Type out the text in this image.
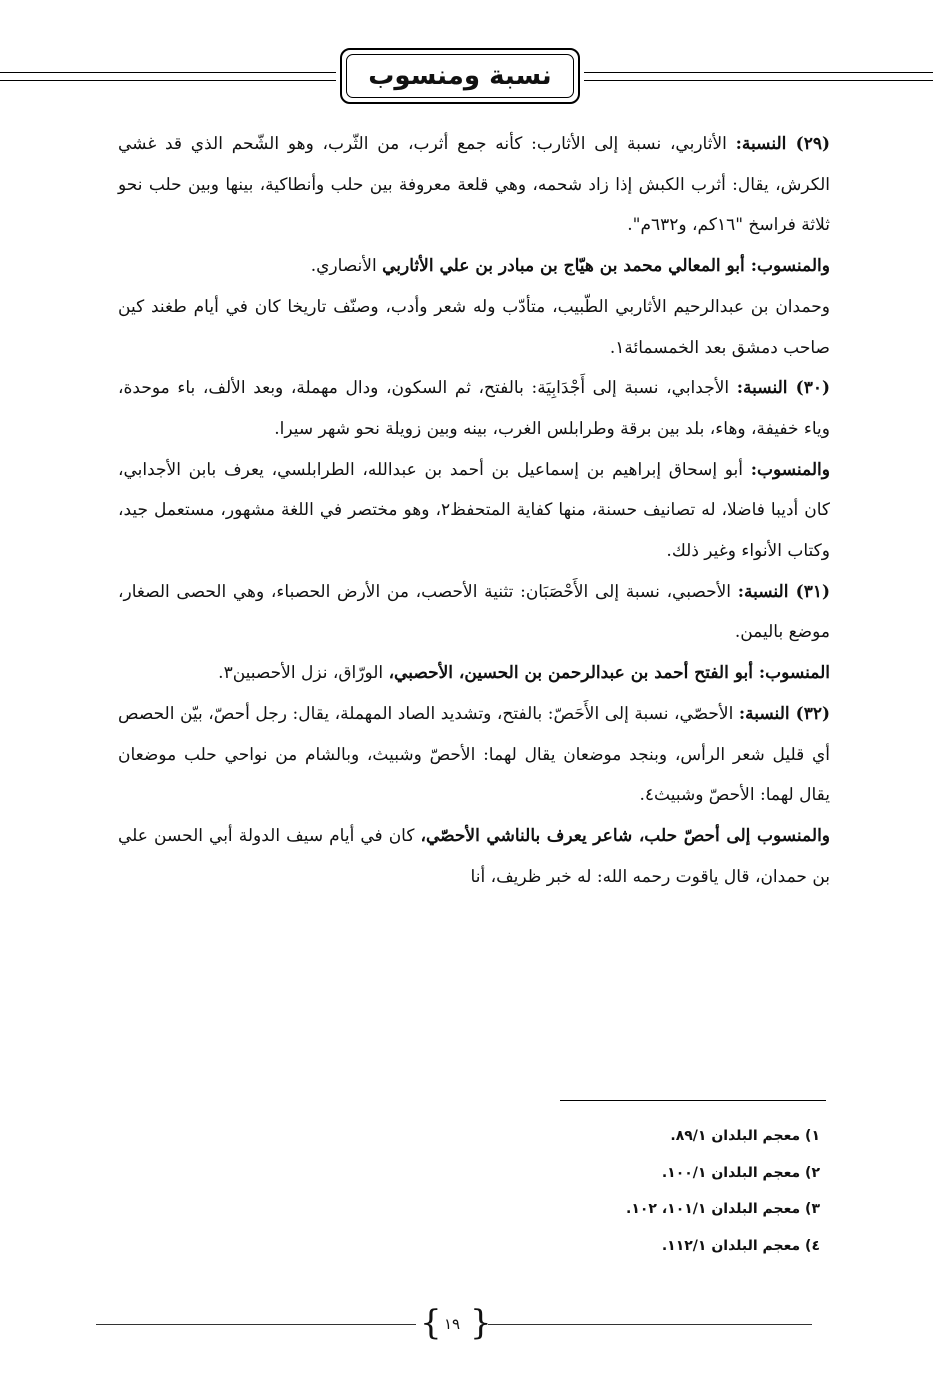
نسبة ومنسوب

(٢٩) النسبة: الأثاربي، نسبة إلى الأثارب: كأنه جمع أثرب، من الثّرب، وهو الشّحم الذي قد غشي الكرش، يقال: أثرب الكبش إذا زاد شحمه، وهي قلعة معروفة بين حلب وأنطاكية، بينها وبين حلب نحو ثلاثة فراسخ "١٦كم، و٦٣٢م".

والمنسوب: أبو المعالي محمد بن هيّاج بن مبادر بن علي الأثاربي الأنصاري.

وحمدان بن عبدالرحيم الأثاربي الطّبيب، متأدّب وله شعر وأدب، وصنّف تاريخا كان في أيام طغند كين صاحب دمشق بعد الخمسمائة١.

(٣٠) النسبة: الأجدابي، نسبة إلى أَجْدَابِيَة: بالفتح، ثم السكون، ودال مهملة، وبعد الألف، باء موحدة، وياء خفيفة، وهاء، بلد بين برقة وطرابلس الغرب، بينه وبين زويلة نحو شهر سيرا.

والمنسوب: أبو إسحاق إبراهيم بن إسماعيل بن أحمد بن عبدالله، الطرابلسي، يعرف بابن الأجدابي، كان أديبا فاضلا، له تصانيف حسنة، منها كفاية المتحفظ٢، وهو مختصر في اللغة مشهور، مستعمل جيد، وكتاب الأنواء وغير ذلك.

(٣١) النسبة: الأحصبي، نسبة إلى الأَحْصَبَان: تثنية الأحصب، من الأرض الحصباء، وهي الحصى الصغار، موضع باليمن.

المنسوب: أبو الفتح أحمد بن عبدالرحمن بن الحسين، الأحصبي، الورّاق، نزل الأحصبين٣.

(٣٢) النسبة: الأحصّي، نسبة إلى الأَحَصّ: بالفتح، وتشديد الصاد المهملة، يقال: رجل أحصّ، بيّن الحصص أي قليل شعر الرأس، وبنجد موضعان يقال لهما: الأحصّ وشبيث، وبالشام من نواحي حلب موضعان يقال لهما: الأحصّ وشبيث٤.

والمنسوب إلى أحصّ حلب، شاعر يعرف بالناشي الأحصّي، كان في أيام سيف الدولة أبي الحسن علي بن حمدان، قال ياقوت رحمه الله: له خبر ظريف، أنا

١) معجم البلدان ٨٩/١.
٢) معجم البلدان ١٠٠/١.
٣) معجم البلدان ١٠١/١، ١٠٢.
٤) معجم البلدان ١١٢/١.
{ ١٩ }
